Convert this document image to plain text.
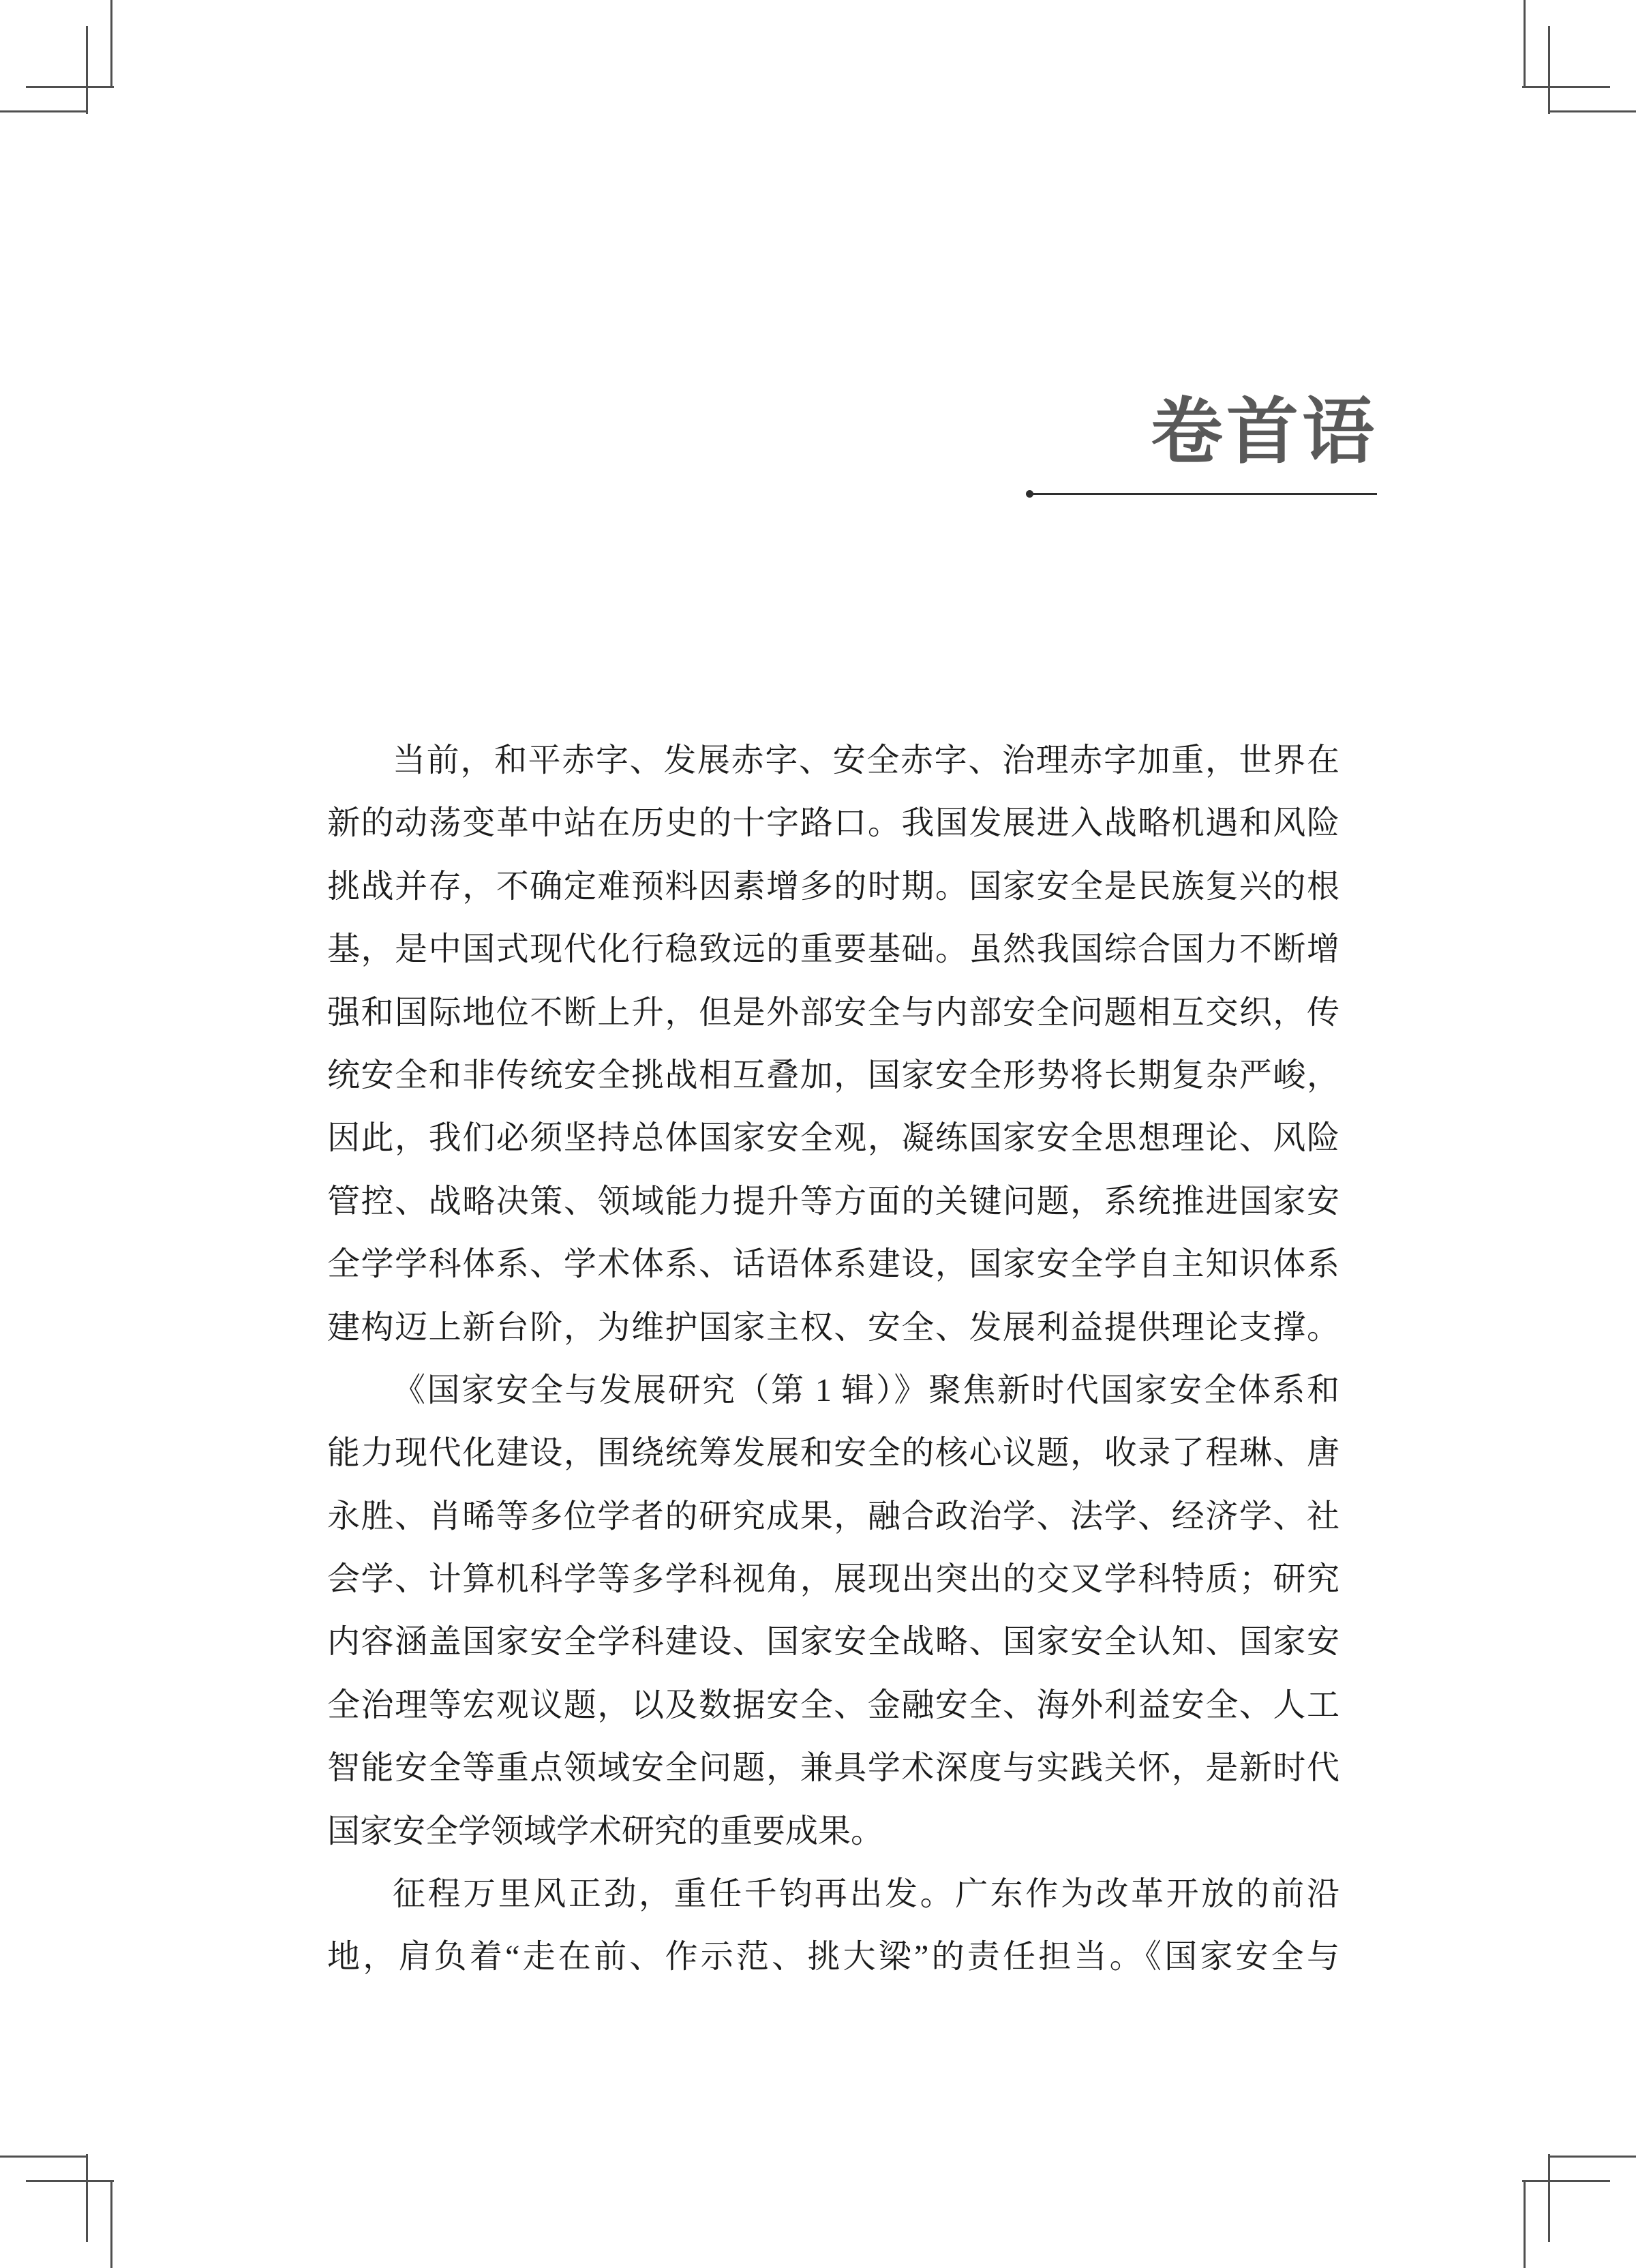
卷首语
当前，和平赤字、发展赤字、安全赤字、治理赤字加重，世界在
新的动荡变革中站在历史的十字路口。我国发展进入战略机遇和风险
挑战并存，不确定难预料因素增多的时期。国家安全是民族复兴的根
基，是中国式现代化行稳致远的重要基础。虽然我国综合国力不断增
强和国际地位不断上升，但是外部安全与内部安全问题相互交织，传
统安全和非传统安全挑战相互叠加，国家安全形势将长期复杂严峻，
因此，我们必须坚持总体国家安全观，凝练国家安全思想理论、风险
管控、战略决策、领域能力提升等方面的关键问题，系统推进国家安
全学学科体系、学术体系、话语体系建设，国家安全学自主知识体系
建构迈上新台阶，为维护国家主权、安全、发展利益提供理论支撑。
《国家安全与发展研究（第 1 辑）》聚焦新时代国家安全体系和
能力现代化建设，围绕统筹发展和安全的核心议题，收录了程琳、唐
永胜、肖晞等多位学者的研究成果，融合政治学、法学、经济学、社
会学、计算机科学等多学科视角，展现出突出的交叉学科特质；研究
内容涵盖国家安全学科建设、国家安全战略、国家安全认知、国家安
全治理等宏观议题，以及数据安全、金融安全、海外利益安全、人工
智能安全等重点领域安全问题，兼具学术深度与实践关怀，是新时代
国家安全学领域学术研究的重要成果。
征程万里风正劲，重任千钧再出发。广东作为改革开放的前沿
地，肩负着“走在前、作示范、挑大梁”的责任担当。《国家安全与
